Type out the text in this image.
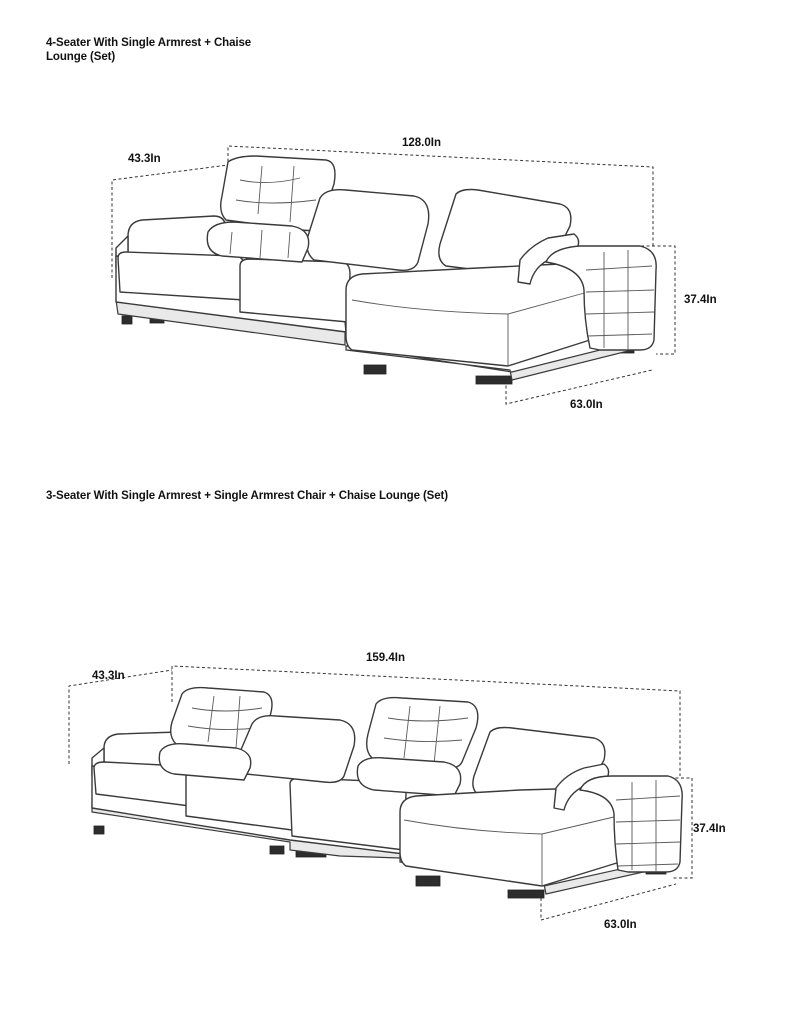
4-Seater With Single Armrest + Chaise Lounge (Set)
43.3In
128.0In
37.4In
63.0In
3-Seater With Single Armrest + Single Armrest Chair + Chaise Lounge (Set)
43.3In
159.4In
37.4In
63.0In
